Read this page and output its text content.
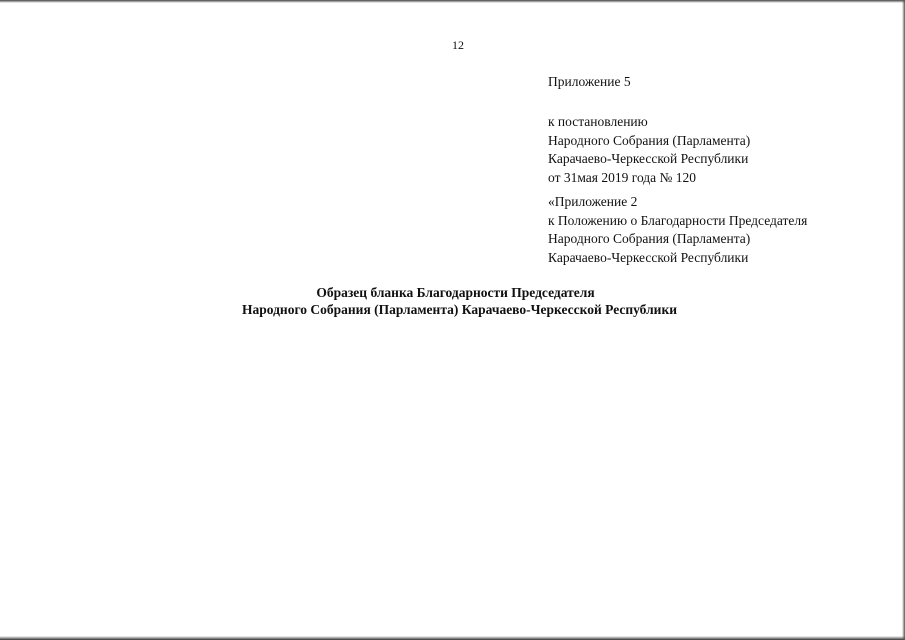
12
Приложение 5
к постановлению
Народного Собрания (Парламента)
Карачаево-Черкесской Республики
от 31мая 2019 года № 120
«Приложение 2
к Положению о Благодарности Председателя
Народного Собрания (Парламента)
Карачаево-Черкесской Республики
Образец бланка Благодарности Председателя
Народного Собрания (Парламента) Карачаево-Черкесской Республики
